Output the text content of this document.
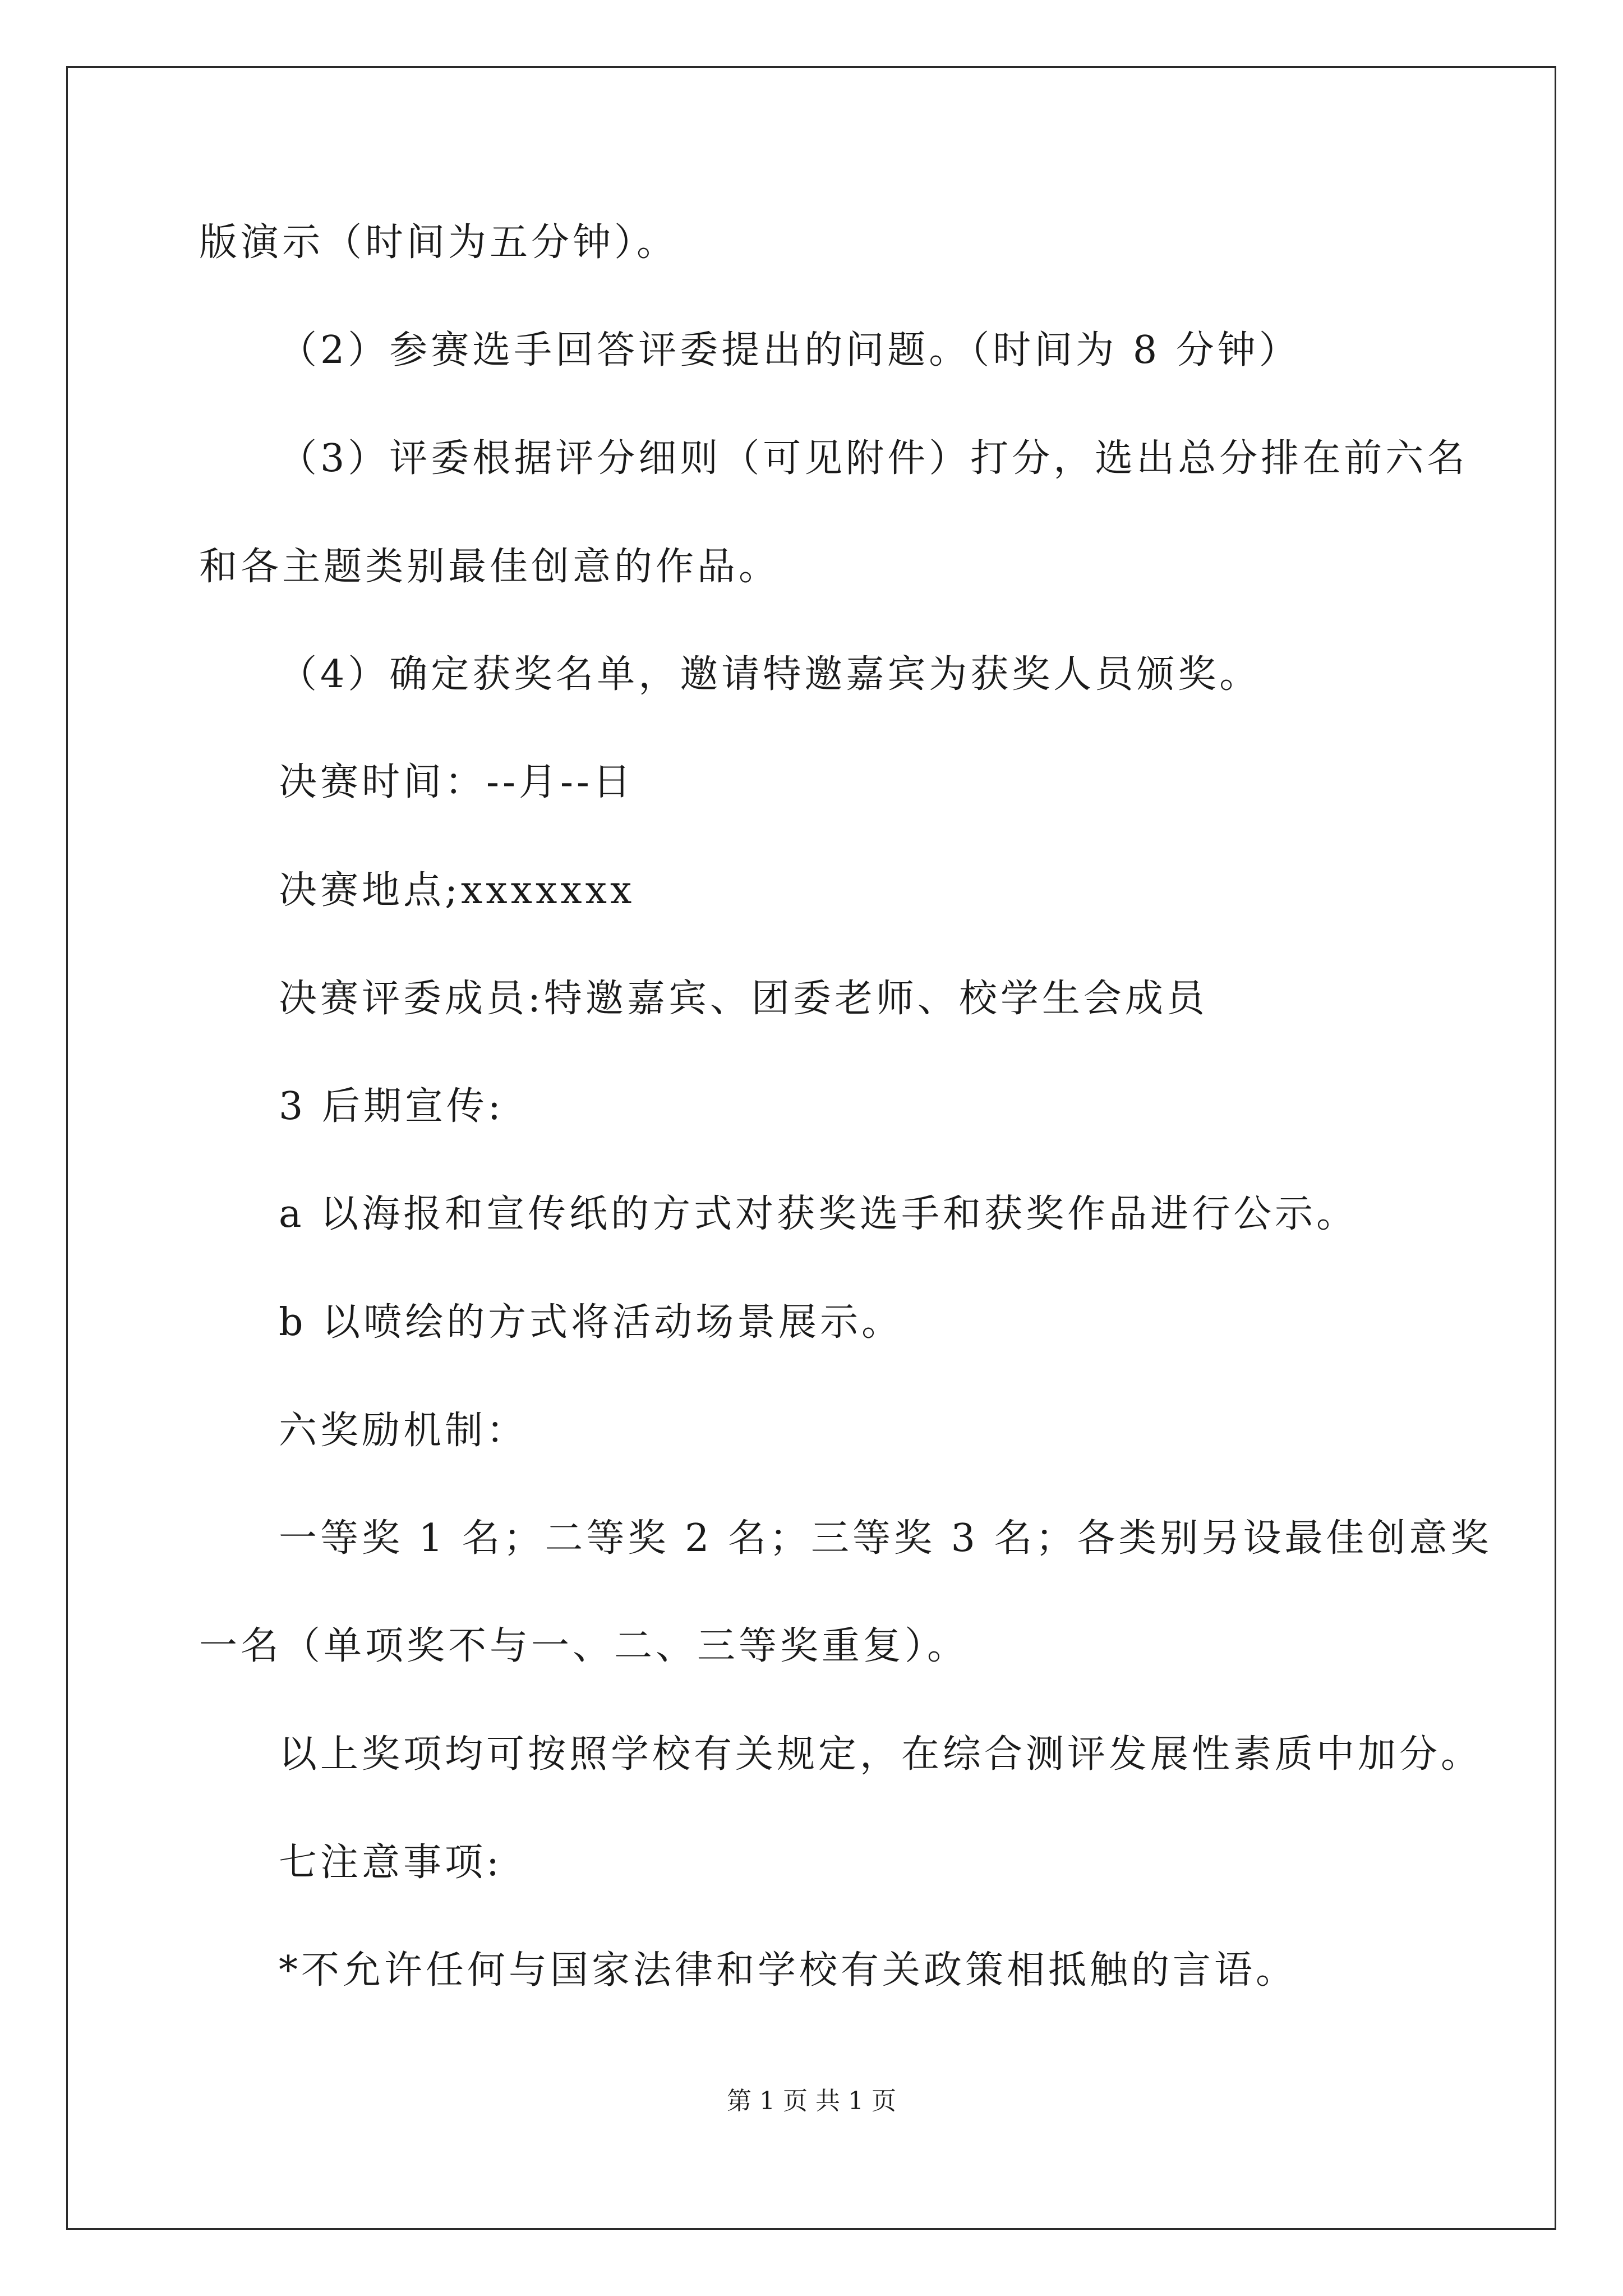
版演示（时间为五分钟）。
（2）参赛选手回答评委提出的问题。（时间为 8 分钟）
（3）评委根据评分细则（可见附件）打分，选出总分排在前六名
和各主题类别最佳创意的作品。
（4）确定获奖名单，邀请特邀嘉宾为获奖人员颁奖。
决赛时间：--月--日
决赛地点;xxxxxxx
决赛评委成员:特邀嘉宾、团委老师、校学生会成员
3 后期宣传:
a 以海报和宣传纸的方式对获奖选手和获奖作品进行公示。
b 以喷绘的方式将活动场景展示。
六奖励机制：
一等奖 1 名；二等奖 2 名；三等奖 3 名；各类别另设最佳创意奖
一名（单项奖不与一、二、三等奖重复）。
以上奖项均可按照学校有关规定，在综合测评发展性素质中加分。
七注意事项:
*不允许任何与国家法律和学校有关政策相抵触的言语。
第 1 页 共 1 页
